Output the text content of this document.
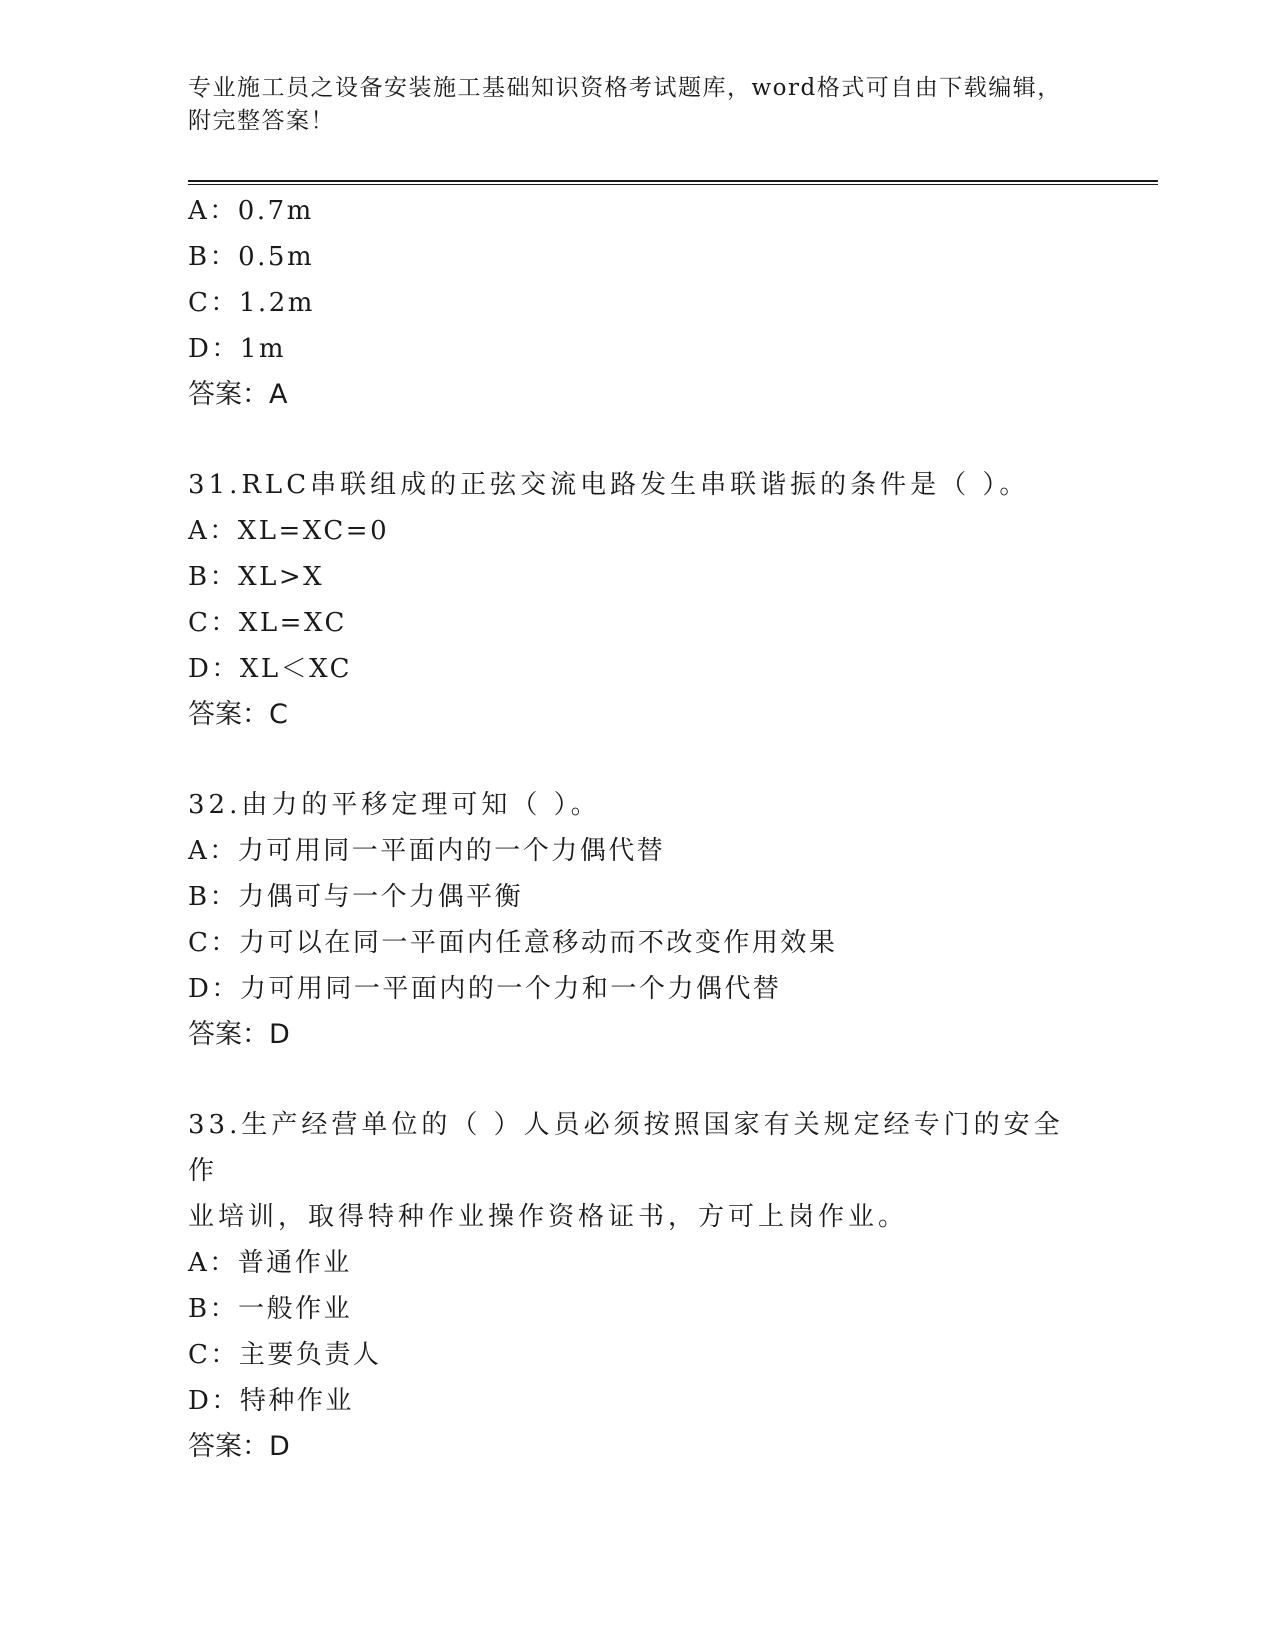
专业施工员之设备安装施工基础知识资格考试题库，word格式可自由下载编辑，
附完整答案！
A：0.7m
B：0.5m
C：1.2m
D：1m
答案：A
31.RLC串联组成的正弦交流电路发生串联谐振的条件是（ ）。
A：XL=XC=0
B：XL>X
C：XL=XC
D：XL＜XC
答案：C
32.由力的平移定理可知（ ）。
A：力可用同一平面内的一个力偶代替
B：力偶可与一个力偶平衡
C：力可以在同一平面内任意移动而不改变作用效果
D：力可用同一平面内的一个力和一个力偶代替
答案：D
33.生产经营单位的（ ）人员必须按照国家有关规定经专门的安全作
业培训，取得特种作业操作资格证书，方可上岗作业。
A：普通作业
B：一般作业
C：主要负责人
D：特种作业
答案：D
